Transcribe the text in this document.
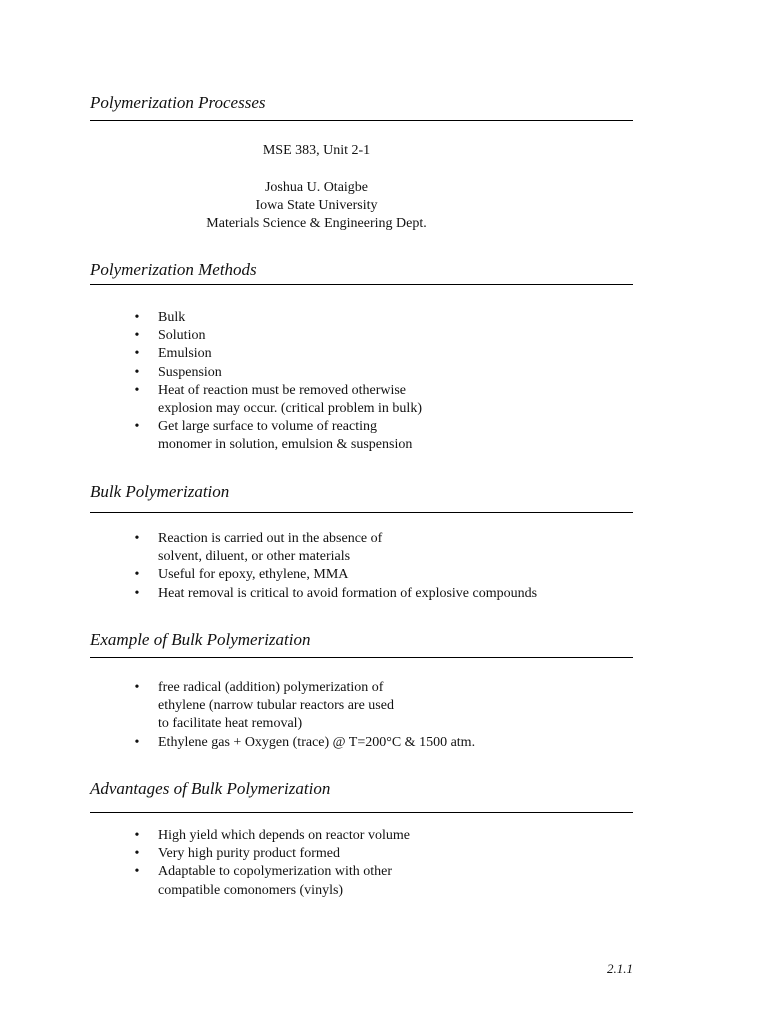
Polymerization Processes
MSE 383, Unit 2-1
Joshua U. Otaigbe
Iowa State University
Materials Science & Engineering Dept.
Polymerization Methods
•	Bulk
•	Solution
•	Emulsion
•	Suspension
•	Heat of reaction must be removed otherwise
explosion may occur. (critical problem in bulk)
•	Get large surface to volume of reacting
monomer in solution, emulsion & suspension
Bulk Polymerization
•	Reaction is carried out in the absence of
solvent, diluent, or other materials
•	Useful for epoxy, ethylene, MMA
•	Heat removal is critical to avoid formation of explosive compounds
Example of Bulk Polymerization
•	free radical (addition) polymerization of
ethylene (narrow tubular reactors are used
to facilitate heat removal)
•	Ethylene gas + Oxygen (trace) @ T=200°C & 1500 atm.
Advantages of Bulk Polymerization
•	High yield which depends on reactor volume
•	Very high purity product formed
•	Adaptable to copolymerization with other
compatible comonomers (vinyls)
2.1.1
